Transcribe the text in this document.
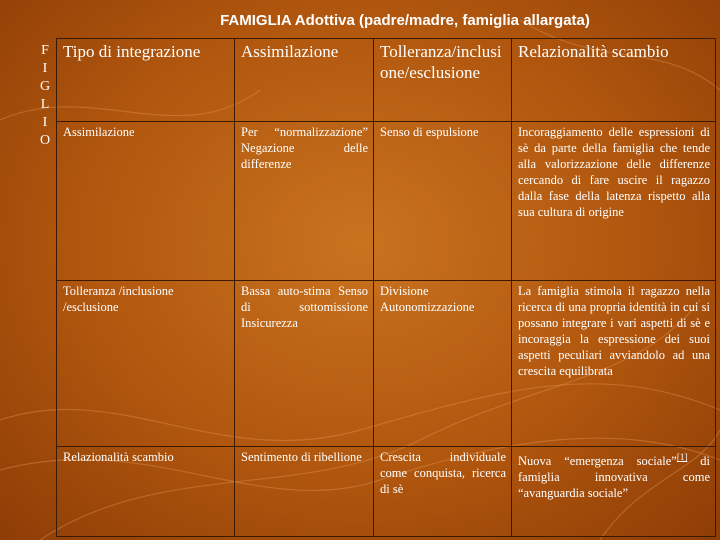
FAMIGLIA Adottiva (padre/madre, famiglia allargata)
F
I
G
L
I
O
Tipo di integrazione	Assimilazione	Tolleranza/inclusione/esclusione	Relazionalità scambio
Assimilazione	Per “normalizzazione” Negazione delle differenze	Senso di espulsione	Incoraggiamento delle espressioni di sè da parte della famiglia che tende alla valorizzazione delle differenze cercando di fare uscire il ragazzo dalla fase della latenza rispetto alla sua cultura di origine
Tolleranza /inclusione /esclusione	Bassa auto-stima Senso di sottomissione Insicurezza	Divisione Autonomizzazione	La famiglia stimola il ragazzo nella ricerca di una propria identità in cui si possano integrare i vari aspetti di sè e incoraggia la espressione dei suoi aspetti peculiari avviandolo ad una crescita equilibrata
Relazionalità scambio	Sentimento di ribellione	Crescita individuale come conquista, ricerca di sè	Nuova “emergenza sociale”[1] di famiglia innovativa come “avanguardia sociale”
